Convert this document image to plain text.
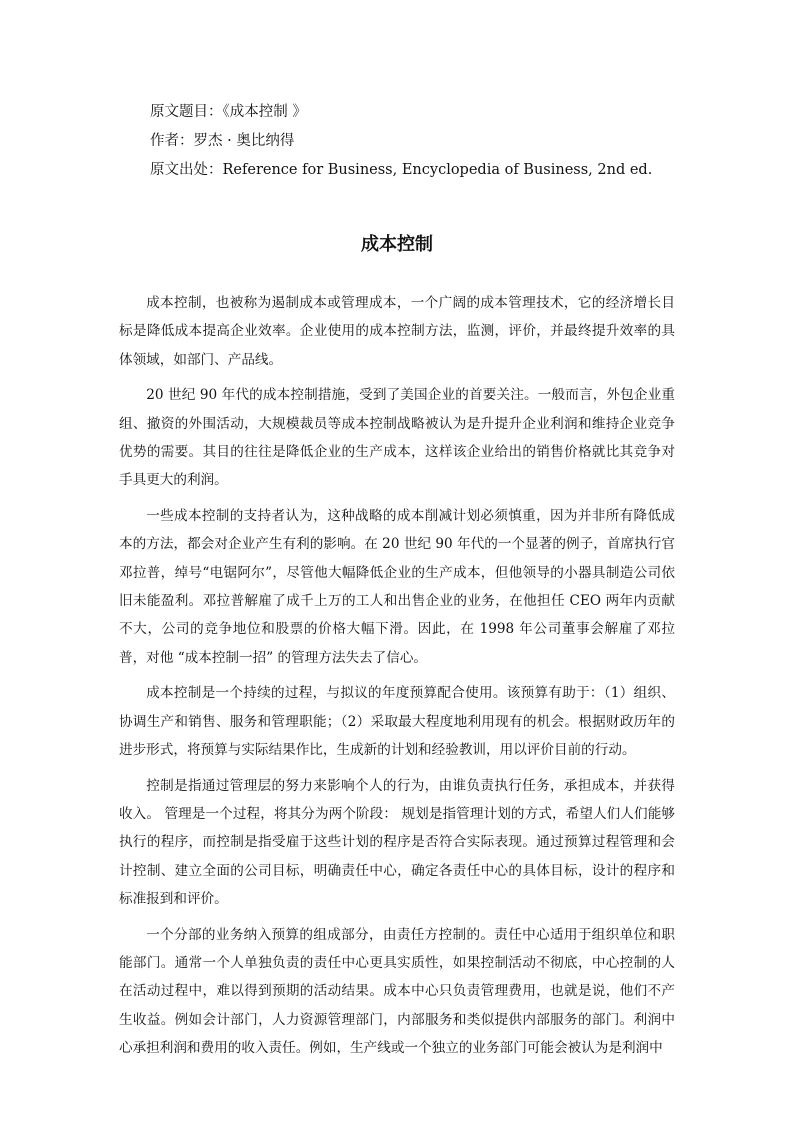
原文题目：《成本控制 》
作者：罗杰 · 奥比纳得
原文出处：Reference for Business, Encyclopedia of Business, 2nd ed.
成本控制

成本控制，也被称为遏制成本或管理成本，一个广阔的成本管理技术，它的经济增长目标是降低成本提高企业效率。企业使用的成本控制方法，监测，评价，并最终提升效率的具体领域，如部门、产品线。

20 世纪 90 年代的成本控制措施，受到了美国企业的首要关注。一般而言，外包企业重组、撤资的外围活动，大规模裁员等成本控制战略被认为是升提升企业利润和维持企业竞争优势的需要。其目的往往是降低企业的生产成本，这样该企业给出的销售价格就比其竞争对手具更大的利润。

一些成本控制的支持者认为，这种战略的成本削减计划必须慎重，因为并非所有降低成本的方法，都会对企业产生有利的影响。在 20 世纪 90 年代的一个显著的例子，首席执行官邓拉普，绰号“电锯阿尔”，尽管他大幅降低企业的生产成本，但他领导的小器具制造公司依旧未能盈利。邓拉普解雇了成千上万的工人和出售企业的业务，在他担任 CEO 两年内贡献不大，公司的竞争地位和股票的价格大幅下滑。因此，在 1998 年公司董事会解雇了邓拉普，对他 “成本控制一招” 的管理方法失去了信心。

成本控制是一个持续的过程，与拟议的年度预算配合使用。该预算有助于：（1）组织、协调生产和销售、服务和管理职能；（2）采取最大程度地利用现有的机会。根据财政历年的进步形式，将预算与实际结果作比，生成新的计划和经验教训，用以评价目前的行动。

控制是指通过管理层的努力来影响个人的行为，由谁负责执行任务，承担成本，并获得收入。 管理是一个过程，将其分为两个阶段： 规划是指管理计划的方式，希望人们人们能够执行的程序，而控制是指受雇于这些计划的程序是否符合实际表现。通过预算过程管理和会计控制、建立全面的公司目标，明确责任中心，确定各责任中心的具体目标，设计的程序和标准报到和评价。

一个分部的业务纳入预算的组成部分，由责任方控制的。责任中心适用于组织单位和职能部门。通常一个人单独负责的责任中心更具实质性，如果控制活动不彻底，中心控制的人在活动过程中，难以得到预期的活动结果。成本中心只负责管理费用，也就是说，他们不产生收益。例如会计部门，人力资源管理部门，内部服务和类似提供内部服务的部门。利润中心承担利润和费用的收入责任。例如，生产线或一个独立的业务部门可能会被认为是利润中
